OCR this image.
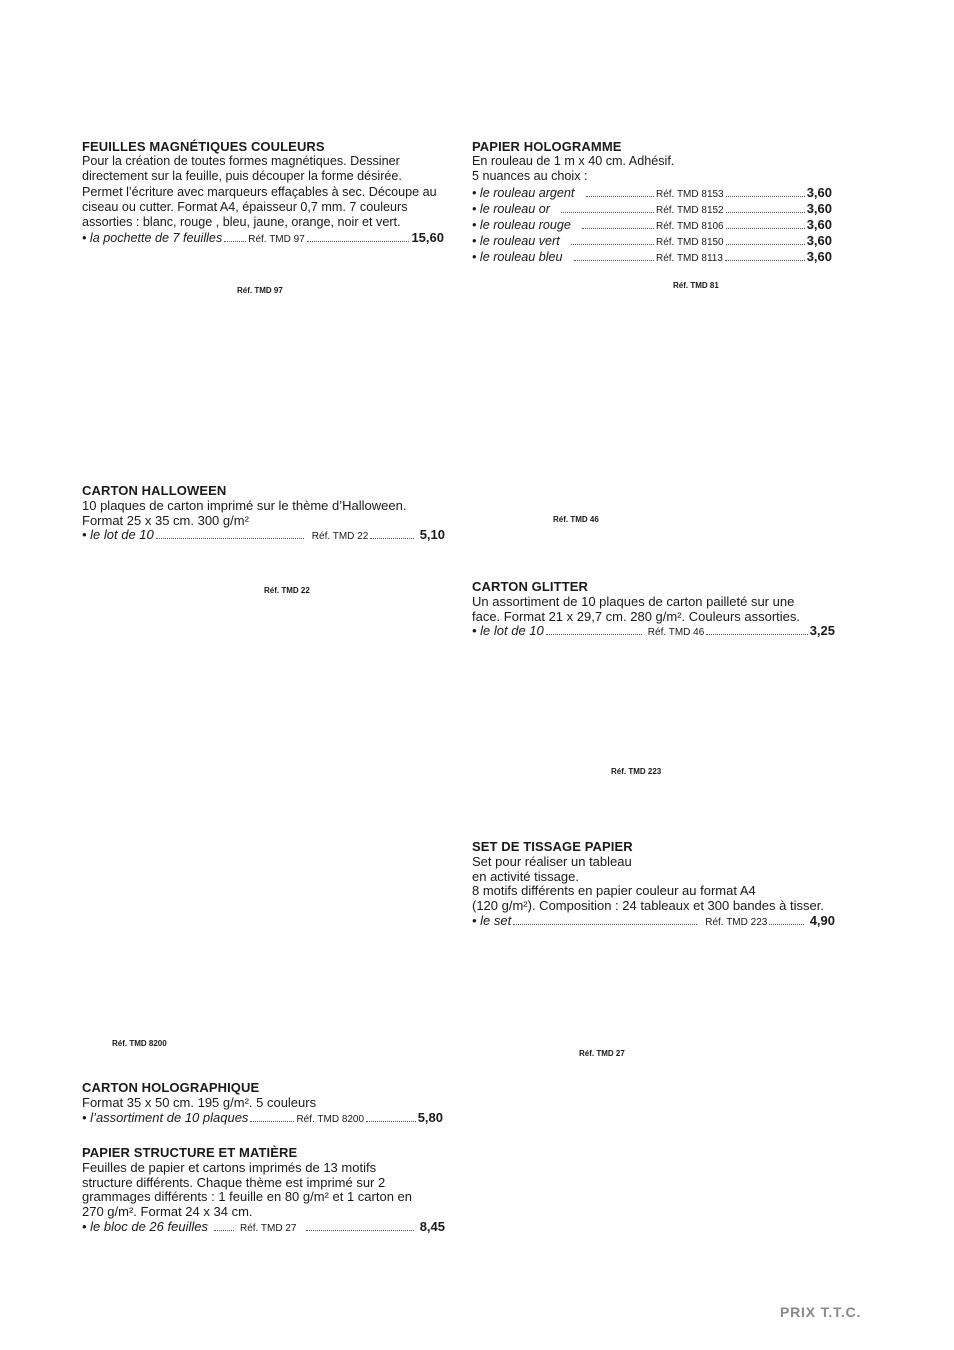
FEUILLES MAGNÉTIQUES COULEURS
Pour la création de toutes formes magnétiques. Dessiner
directement sur la feuille, puis découper la forme désirée.
Permet l’écriture avec marqueurs effaçables à sec. Découpe au
ciseau ou cutter. Format A4, épaisseur 0,7 mm. 7 couleurs
assorties : blanc, rouge , bleu, jaune, orange, noir et vert.
• la pochette de 7 feuilles	Réf. TMD 97	15,60
PAPIER HOLOGRAMME
En rouleau de 1 m x 40 cm. Adhésif.
5 nuances au choix :
• le rouleau argent	Réf. TMD 8153	3,60
• le rouleau or	Réf. TMD 8152	3,60
• le rouleau rouge	Réf. TMD 8106	3,60
• le rouleau vert	Réf. TMD 8150	3,60
• le rouleau bleu	Réf. TMD 8113	3,60
CARTON HALLOWEEN
10 plaques de carton imprimé sur le thème d’Halloween.
Format 25 x 35 cm. 300 g/m²
• le lot de 10	Réf. TMD 22	5,10
CARTON GLITTER
Un assortiment de 10 plaques de carton pailleté sur une
face. Format 21 x 29,7 cm. 280 g/m². Couleurs assorties.
• le lot de 10	Réf. TMD 46	3,25
SET DE TISSAGE PAPIER
Set pour réaliser un tableau
en activité tissage.
8 motifs différents en papier couleur au format A4
(120 g/m²). Composition : 24 tableaux et 300 bandes à tisser.
• le set	Réf. TMD 223	4,90
CARTON HOLOGRAPHIQUE
Format 35 x 50 cm. 195 g/m². 5 couleurs
• l’assortiment de 10 plaques	Réf. TMD 8200	5,80
PAPIER STRUCTURE ET MATIÈRE
Feuilles de papier et cartons imprimés de 13 motifs
structure différents. Chaque thème est imprimé sur 2
grammages différents : 1 feuille en 80 g/m² et 1 carton en
270 g/m². Format 24 x 34 cm.
• le bloc de 26 feuilles	Réf. TMD 27	8,45
Réf. TMD 97
Réf. TMD 81
Réf. TMD 46
Réf. TMD 22
Réf. TMD 223
Réf. TMD 8200
Réf. TMD 27
PRIX T.T.C.
